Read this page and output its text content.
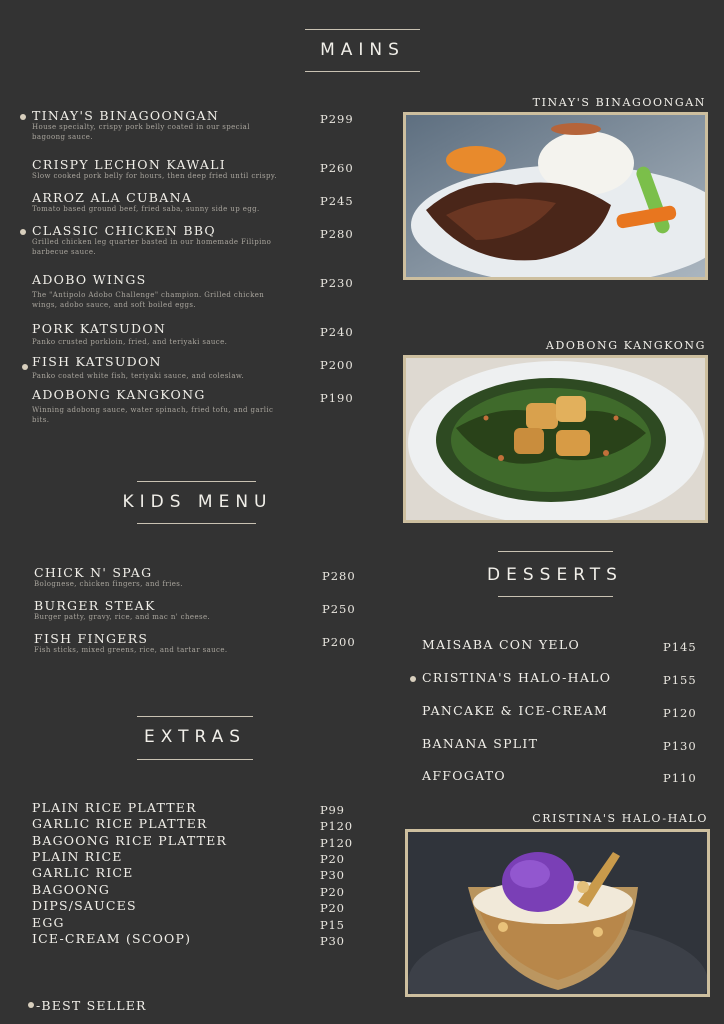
MAINS
TINAY'S BINAGOONGAN
House specialty, crispy pork belly coated in our special bagoong sauce.
P299
CRISPY LECHON KAWALI
Slow cooked pork belly for hours, then deep fried until crispy.
P260
ARROZ ALA CUBANA
Tomato based ground beef, fried saba, sunny side up egg.
P245
CLASSIC CHICKEN BBQ
Grilled chicken leg quarter basted in our homemade Filipino barbecue sauce.
P280
ADOBO WINGS
The "Antipolo Adobo Challenge" champion. Grilled chicken wings, adobo sauce, and soft boiled eggs.
P230
PORK KATSUDON
Panko crusted porkloin, fried, and teriyaki sauce.
P240
FISH KATSUDON
Panko coated white fish, teriyaki sauce, and coleslaw.
P200
ADOBONG KANGKONG
Winning adobong sauce, water spinach, fried tofu, and garlic bits.
P190
TINAY'S BINAGOONGAN
ADOBONG KANGKONG
KIDS MENU
CHICK N' SPAG
Bolognese, chicken fingers, and fries.
P280
BURGER STEAK
Burger patty, gravy, rice, and mac n' cheese.
P250
FISH FINGERS
Fish sticks, mixed greens, rice, and tartar sauce.
P200
DESSERTS
MAISABA CON YELO	P145
CRISTINA'S HALO-HALO	P155
PANCAKE & ICE-CREAM	P120
BANANA SPLIT	P130
AFFOGATO	P110
EXTRAS
PLAIN RICE PLATTER	P99
GARLIC RICE PLATTER	P120
BAGOONG RICE PLATTER	P120
PLAIN RICE	P20
GARLIC RICE	P30
BAGOONG	P20
DIPS/SAUCES	P20
EGG	P15
ICE-CREAM (SCOOP)	P30
CRISTINA'S HALO-HALO
-BEST SELLER
